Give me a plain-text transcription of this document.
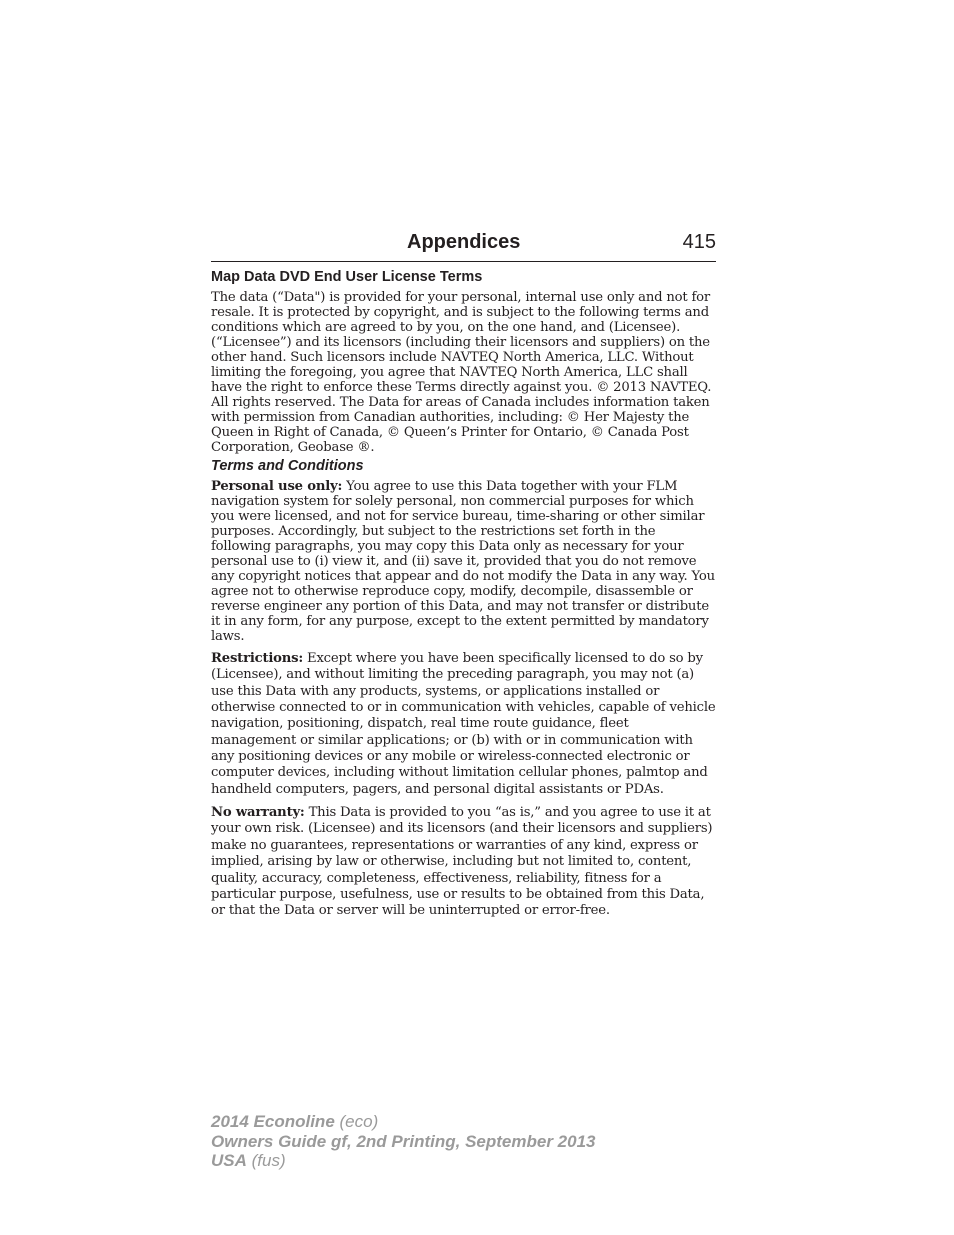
Appendices	415
Map Data DVD End User License Terms

The data (“Data") is provided for your personal, internal use only and not for resale. It is protected by copyright, and is subject to the following terms and conditions which are agreed to by you, on the one hand, and (Licensee). (“Licensee”) and its licensors (including their licensors and suppliers) on the other hand. Such licensors include NAVTEQ North America, LLC. Without limiting the foregoing, you agree that NAVTEQ North America, LLC shall have the right to enforce these Terms directly against you. © 2013 NAVTEQ. All rights reserved. The Data for areas of Canada includes information taken with permission from Canadian authorities, including: © Her Majesty the Queen in Right of Canada, © Queen’s Printer for Ontario, © Canada Post Corporation, Geobase ®.

Terms and Conditions

Personal use only: You agree to use this Data together with your FLM navigation system for solely personal, non commercial purposes for which you were licensed, and not for service bureau, time-sharing or other similar purposes. Accordingly, but subject to the restrictions set forth in the following paragraphs, you may copy this Data only as necessary for your personal use to (i) view it, and (ii) save it, provided that you do not remove any copyright notices that appear and do not modify the Data in any way. You agree not to otherwise reproduce copy, modify, decompile, disassemble or reverse engineer any portion of this Data, and may not transfer or distribute it in any form, for any purpose, except to the extent permitted by mandatory laws.

Restrictions: Except where you have been specifically licensed to do so by (Licensee), and without limiting the preceding paragraph, you may not (a) use this Data with any products, systems, or applications installed or otherwise connected to or in communication with vehicles, capable of vehicle navigation, positioning, dispatch, real time route guidance, fleet management or similar applications; or (b) with or in communication with any positioning devices or any mobile or wireless-connected electronic or computer devices, including without limitation cellular phones, palmtop and handheld computers, pagers, and personal digital assistants or PDAs.

No warranty: This Data is provided to you “as is,” and you agree to use it at your own risk. (Licensee) and its licensors (and their licensors and suppliers) make no guarantees, representations or warranties of any kind, express or implied, arising by law or otherwise, including but not limited to, content, quality, accuracy, completeness, effectiveness, reliability, fitness for a particular purpose, usefulness, use or results to be obtained from this Data, or that the Data or server will be uninterrupted or error-free.

2014 Econoline (eco)
Owners Guide gf, 2nd Printing, September 2013
USA (fus)
